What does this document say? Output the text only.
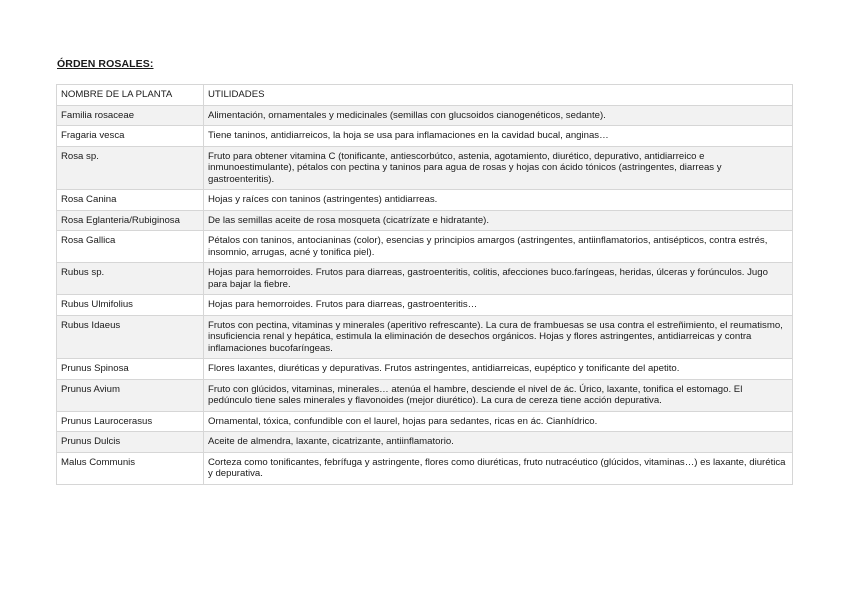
ÓRDEN ROSALES:
NOMBRE DE LA PLANTA	UTILIDADES
Familia rosaceae	Alimentación, ornamentales y medicinales (semillas con glucsoidos cianogenéticos, sedante).
Fragaria vesca	Tiene taninos, antidiarreicos, la hoja se usa para inflamaciones en la cavidad bucal, anginas…
Rosa sp.	Fruto para obtener vitamina C (tonificante, antiescorbútco, astenia, agotamiento, diurético, depurativo, antidiarreico e inmunoestimulante), pétalos con pectina y taninos para agua de rosas y hojas con ácido tónicos (astringentes, diarreas y gastroenteritis).
Rosa Canina	Hojas y raíces con taninos (astringentes) antidiarreas.
Rosa Eglanteria/Rubiginosa	De las semillas aceite de rosa mosqueta (cicatrízate e hidratante).
Rosa Gallica	Pétalos con taninos, antocianinas (color), esencias y principios amargos (astringentes, antiinflamatorios, antisépticos, contra estrés, insomnio, arrugas, acné y tonifica piel).
Rubus sp.	Hojas para hemorroides. Frutos para diarreas, gastroenteritis, colitis, afecciones buco.faríngeas, heridas, úlceras y forúnculos. Jugo para bajar la fiebre.
Rubus Ulmifolius	Hojas para hemorroides. Frutos para diarreas, gastroenteritis…
Rubus Idaeus	Frutos con pectina, vitaminas y minerales (aperitivo refrescante). La cura de frambuesas se usa contra el estreñimiento, el reumatismo, insuficiencia renal y hepática, estimula la eliminación de desechos orgánicos. Hojas y flores astringentes, antidiarreicas y contra inflamaciones bucofaríngeas.
Prunus Spinosa	Flores laxantes, diuréticas y depurativas. Frutos astringentes, antidiarreicas, eupéptico y tonificante del apetito.
Prunus Avium	Fruto con glúcidos, vitaminas, minerales… atenúa el hambre, desciende el nivel de ác. Úrico, laxante, tonifica el estomago. El pedúnculo tiene sales minerales y flavonoides (mejor diurético). La cura de cereza tiene acción depurativa.
Prunus Laurocerasus	Ornamental, tóxica, confundible con el laurel, hojas para sedantes, ricas en ác. Cianhídrico.
Prunus Dulcis	Aceite de almendra, laxante, cicatrizante, antiinflamatorio.
Malus Communis	Corteza como tonificantes, febrífuga y astringente, flores como diuréticas, fruto nutracéutico (glúcidos, vitaminas…) es laxante, diurética y depurativa.
